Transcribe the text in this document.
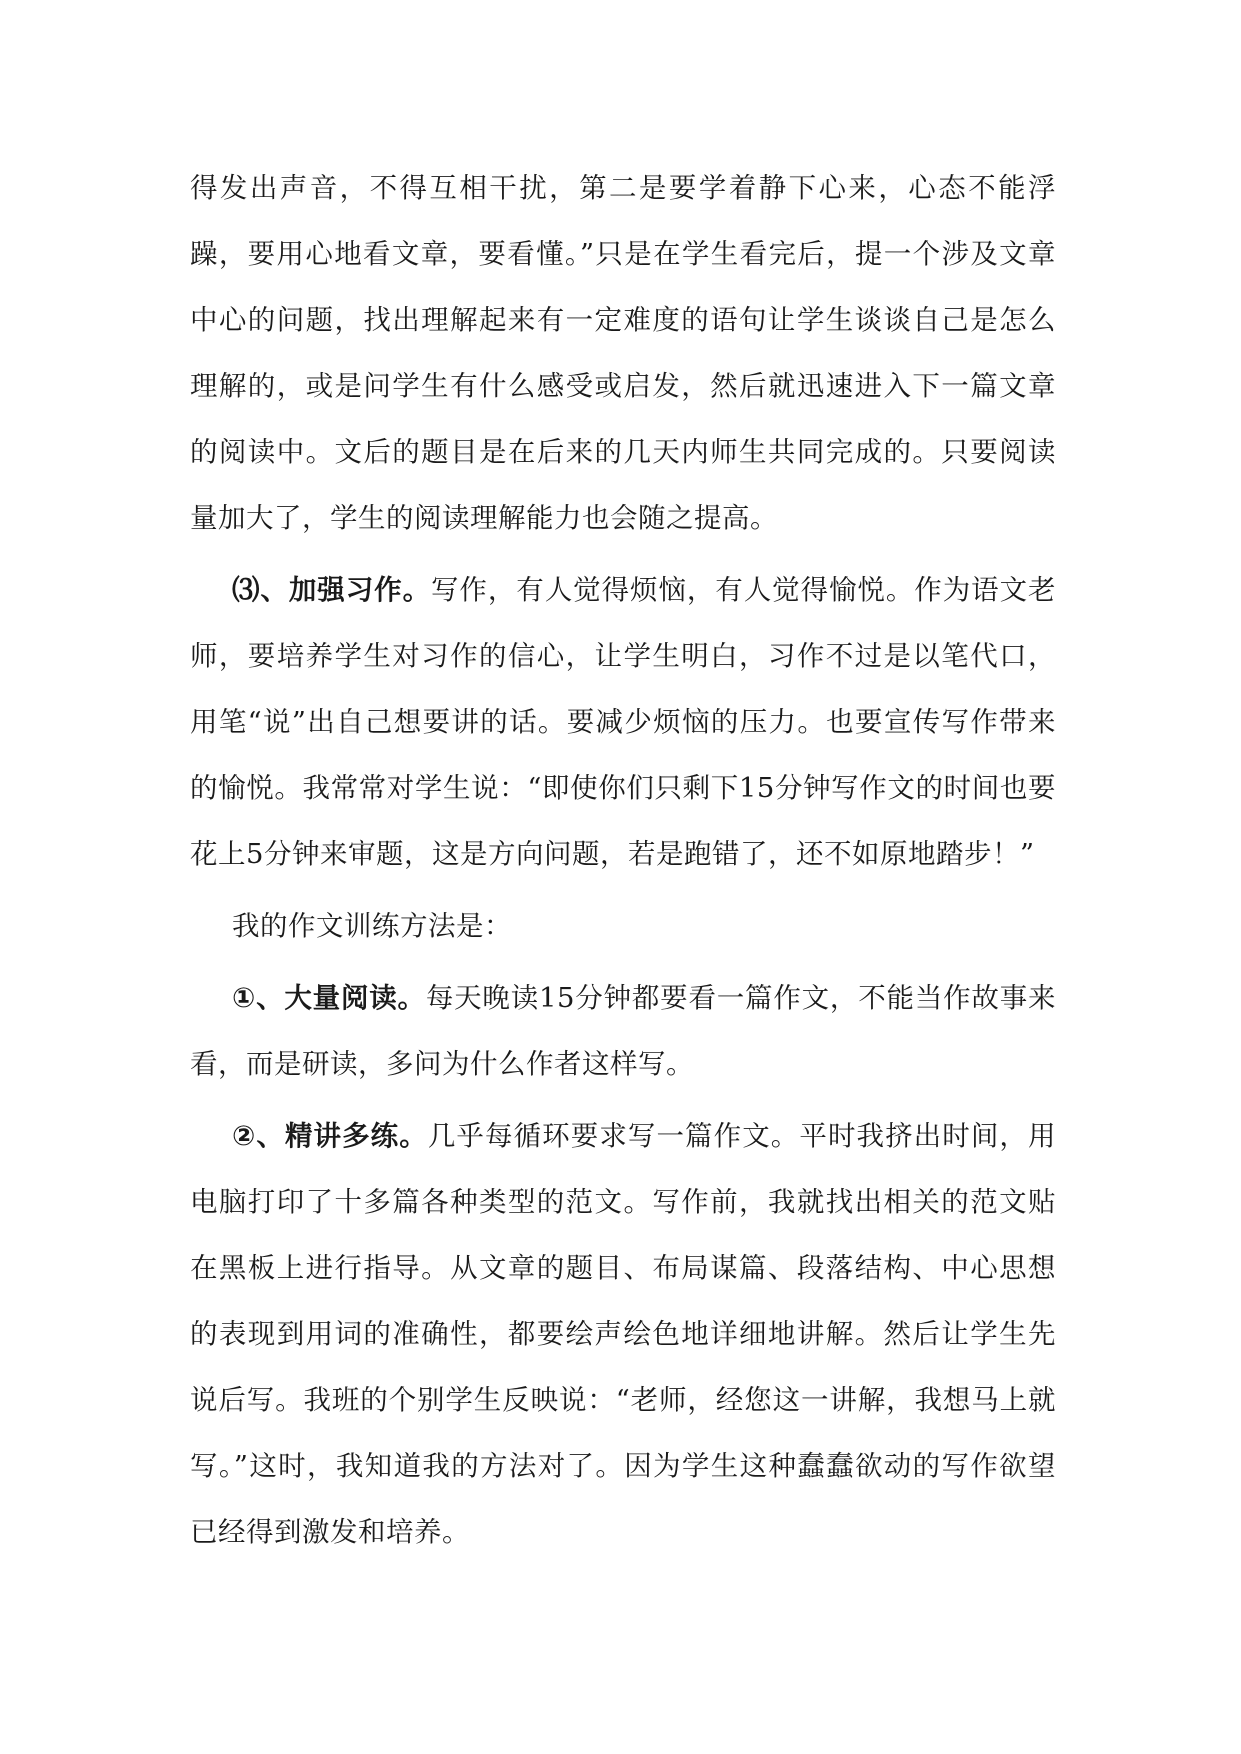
得发出声音，不得互相干扰，第二是要学着静下心来，心态不能浮躁，要用心地看文章，要看懂。”只是在学生看完后，提一个涉及文章中心的问题，找出理解起来有一定难度的语句让学生谈谈自己是怎么理解的，或是问学生有什么感受或启发，然后就迅速进入下一篇文章的阅读中。文后的题目是在后来的几天内师生共同完成的。只要阅读量加大了，学生的阅读理解能力也会随之提高。

⑶、加强习作。写作，有人觉得烦恼，有人觉得愉悦。作为语文老师，要培养学生对习作的信心，让学生明白，习作不过是以笔代口，用笔“说”出自己想要讲的话。要减少烦恼的压力。也要宣传写作带来的愉悦。我常常对学生说：“即使你们只剩下15分钟写作文的时间也要花上5分钟来审题，这是方向问题，若是跑错了，还不如原地踏步！”

我的作文训练方法是：

①、大量阅读。每天晚读15分钟都要看一篇作文，不能当作故事来看，而是研读，多问为什么作者这样写。

②、精讲多练。几乎每循环要求写一篇作文。平时我挤出时间，用电脑打印了十多篇各种类型的范文。写作前，我就找出相关的范文贴在黑板上进行指导。从文章的题目、布局谋篇、段落结构、中心思想的表现到用词的准确性，都要绘声绘色地详细地讲解。然后让学生先说后写。我班的个别学生反映说：“老师，经您这一讲解，我想马上就写。”这时，我知道我的方法对了。因为学生这种蠢蠢欲动的写作欲望已经得到激发和培养。
